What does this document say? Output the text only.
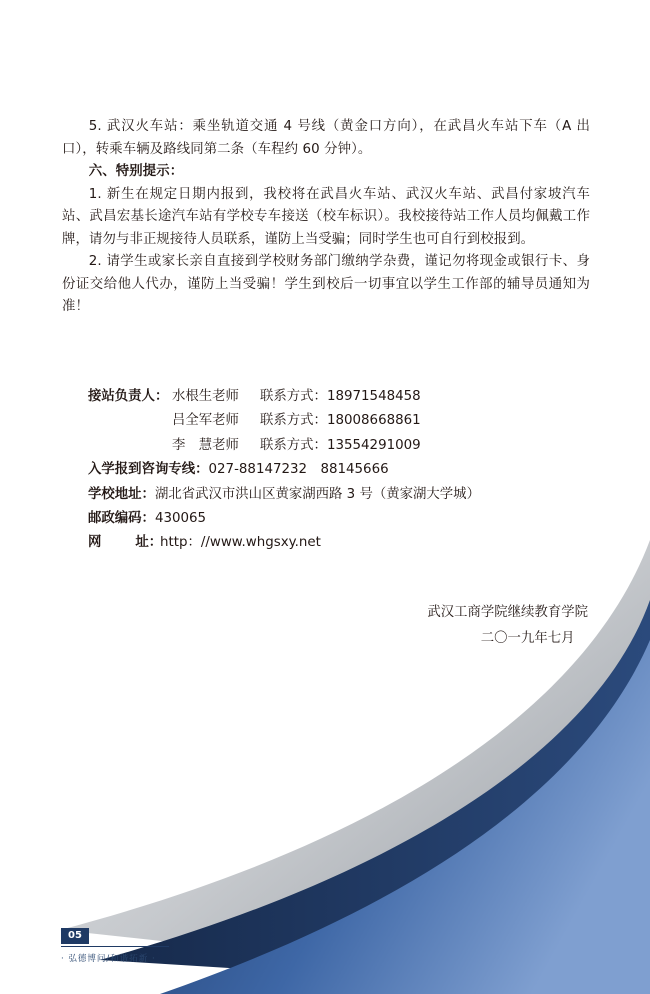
5. 武汉火车站：乘坐轨道交通 4 号线（黄金口方向），在武昌火车站下车（A 出口），转乘车辆及路线同第二条（车程约 60 分钟）。

六、特别提示：

1. 新生在规定日期内报到，我校将在武昌火车站、武汉火车站、武昌付家坡汽车站、武昌宏基长途汽车站有学校专车接送（校车标识）。我校接待站工作人员均佩戴工作牌，请勿与非正规接待人员联系，谨防上当受骗；同时学生也可自行到校报到。

2. 请学生或家长亲自直接到学校财务部门缴纳学杂费，谨记勿将现金或银行卡、身份证交给他人代办，谨防上当受骗！学生到校后一切事宜以学生工作部的辅导员通知为准！

接站负责人： 水根生老师 联系方式：18971548458
吕全军老师 联系方式：18008668861
李　慧老师 联系方式：13554291009
入学报到咨询专线：027-88147232　88145666
学校地址：湖北省武汉市洪山区黄家湖西路 3 号（黄家湖大学城）
邮政编码：430065
网	址：http：//www.whgsxy.net
武汉工商学院继续教育学院
二〇一九年七月
05
· 弘德博问/和谐拓新 ·
